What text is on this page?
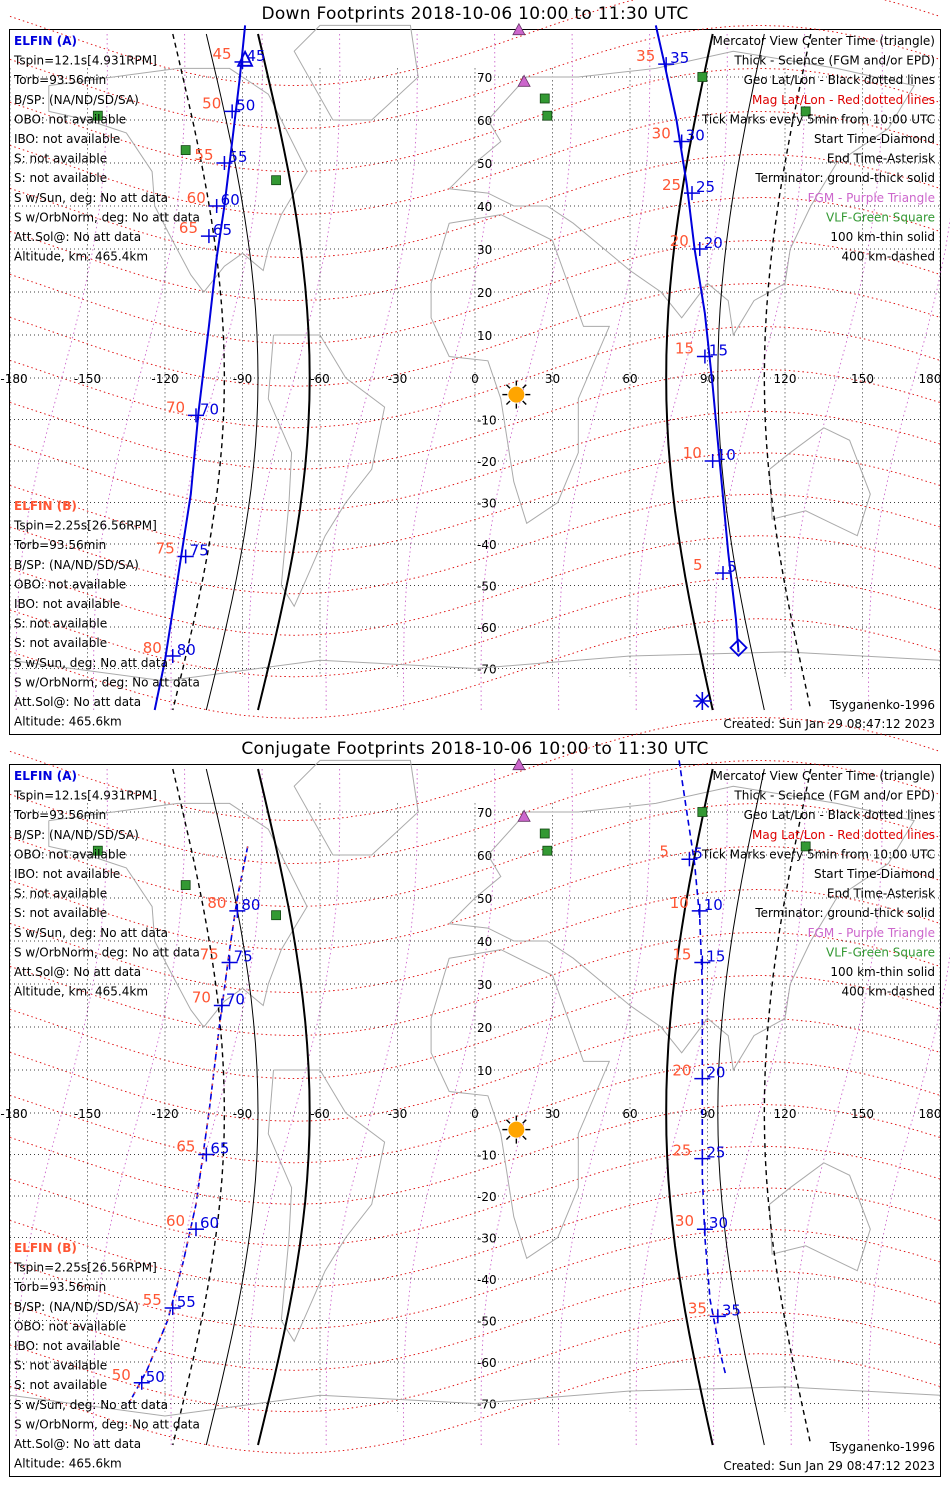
Down Footprints 2018-10-06 10:00 to 11:30 UTC
-180	-150	-120	-90	-60	-30	0	30	60	90	120	150	180
70
60
50
40
30
20
10
-10
-20
-30
-40
-50
-60
-70
45
45
50
50
55
55
60
60
65
65
70
70
75
75
80
80
35
35
30
30
25
25
20
20
15
15
10
10
5
5
ELFIN (A)
Tspin=12.1s[4.931RPM]
Torb=93.56min
B/SP: (NA/ND/SD/SA)
OBO: not available
IBO: not available
S: not available
S: not available
S w/Sun, deg: No att data
S w/OrbNorm, deg: No att data
Att.Sol@: No att data
Altitude, km: 465.4km
ELFIN (B)
Tspin=2.25s[26.56RPM]
Torb=93.56min
B/SP: (NA/ND/SD/SA)
OBO: not available
IBO: not available
S: not available
S: not available
S w/Sun, deg: No att data
S w/OrbNorm, deg: No att data
Att.Sol@: No att data
Altitude: 465.6km
Mercator View Center Time (triangle)
Thick - Science (FGM and/or EPD)
Geo Lat/Lon - Black dotted lines
Mag Lat/Lon - Red dotted lines
Tick Marks every 5min from 10:00 UTC
Start Time-Diamond
End Time-Asterisk
Terminator: ground-thick solid
FGM - Purple Triangle
VLF-Green Square
100 km-thin solid
400 km-dashed
Tsyganenko-1996
Created: Sun Jan 29 08:47:12 2023
Conjugate Footprints 2018-10-06 10:00 to 11:30 UTC
-180	-150	-120	-90	-60	-30	0	30	60	90	120	150	180
70
60
50
40
30
20
10
-10
-20
-30
-40
-50
-60
-70
80
80
75
75
70
70
65
65
60
60
55
55
50
50
5
5
10
10
15
15
20
20
25
25
30
30
35
35
ELFIN (A)
Tspin=12.1s[4.931RPM]
Torb=93.56min
B/SP: (NA/ND/SD/SA)
OBO: not available
IBO: not available
S: not available
S: not available
S w/Sun, deg: No att data
S w/OrbNorm, deg: No att data
Att.Sol@: No att data
Altitude, km: 465.4km
ELFIN (B)
Tspin=2.25s[26.56RPM]
Torb=93.56min
B/SP: (NA/ND/SD/SA)
OBO: not available
IBO: not available
S: not available
S: not available
S w/Sun, deg: No att data
S w/OrbNorm, deg: No att data
Att.Sol@: No att data
Altitude: 465.6km
Mercator View Center Time (triangle)
Thick - Science (FGM and/or EPD)
Geo Lat/Lon - Black dotted lines
Mag Lat/Lon - Red dotted lines
Tick Marks every 5min from 10:00 UTC
Start Time-Diamond
End Time-Asterisk
Terminator: ground-thick solid
FGM - Purple Triangle
VLF-Green Square
100 km-thin solid
400 km-dashed
Tsyganenko-1996
Created: Sun Jan 29 08:47:12 2023
